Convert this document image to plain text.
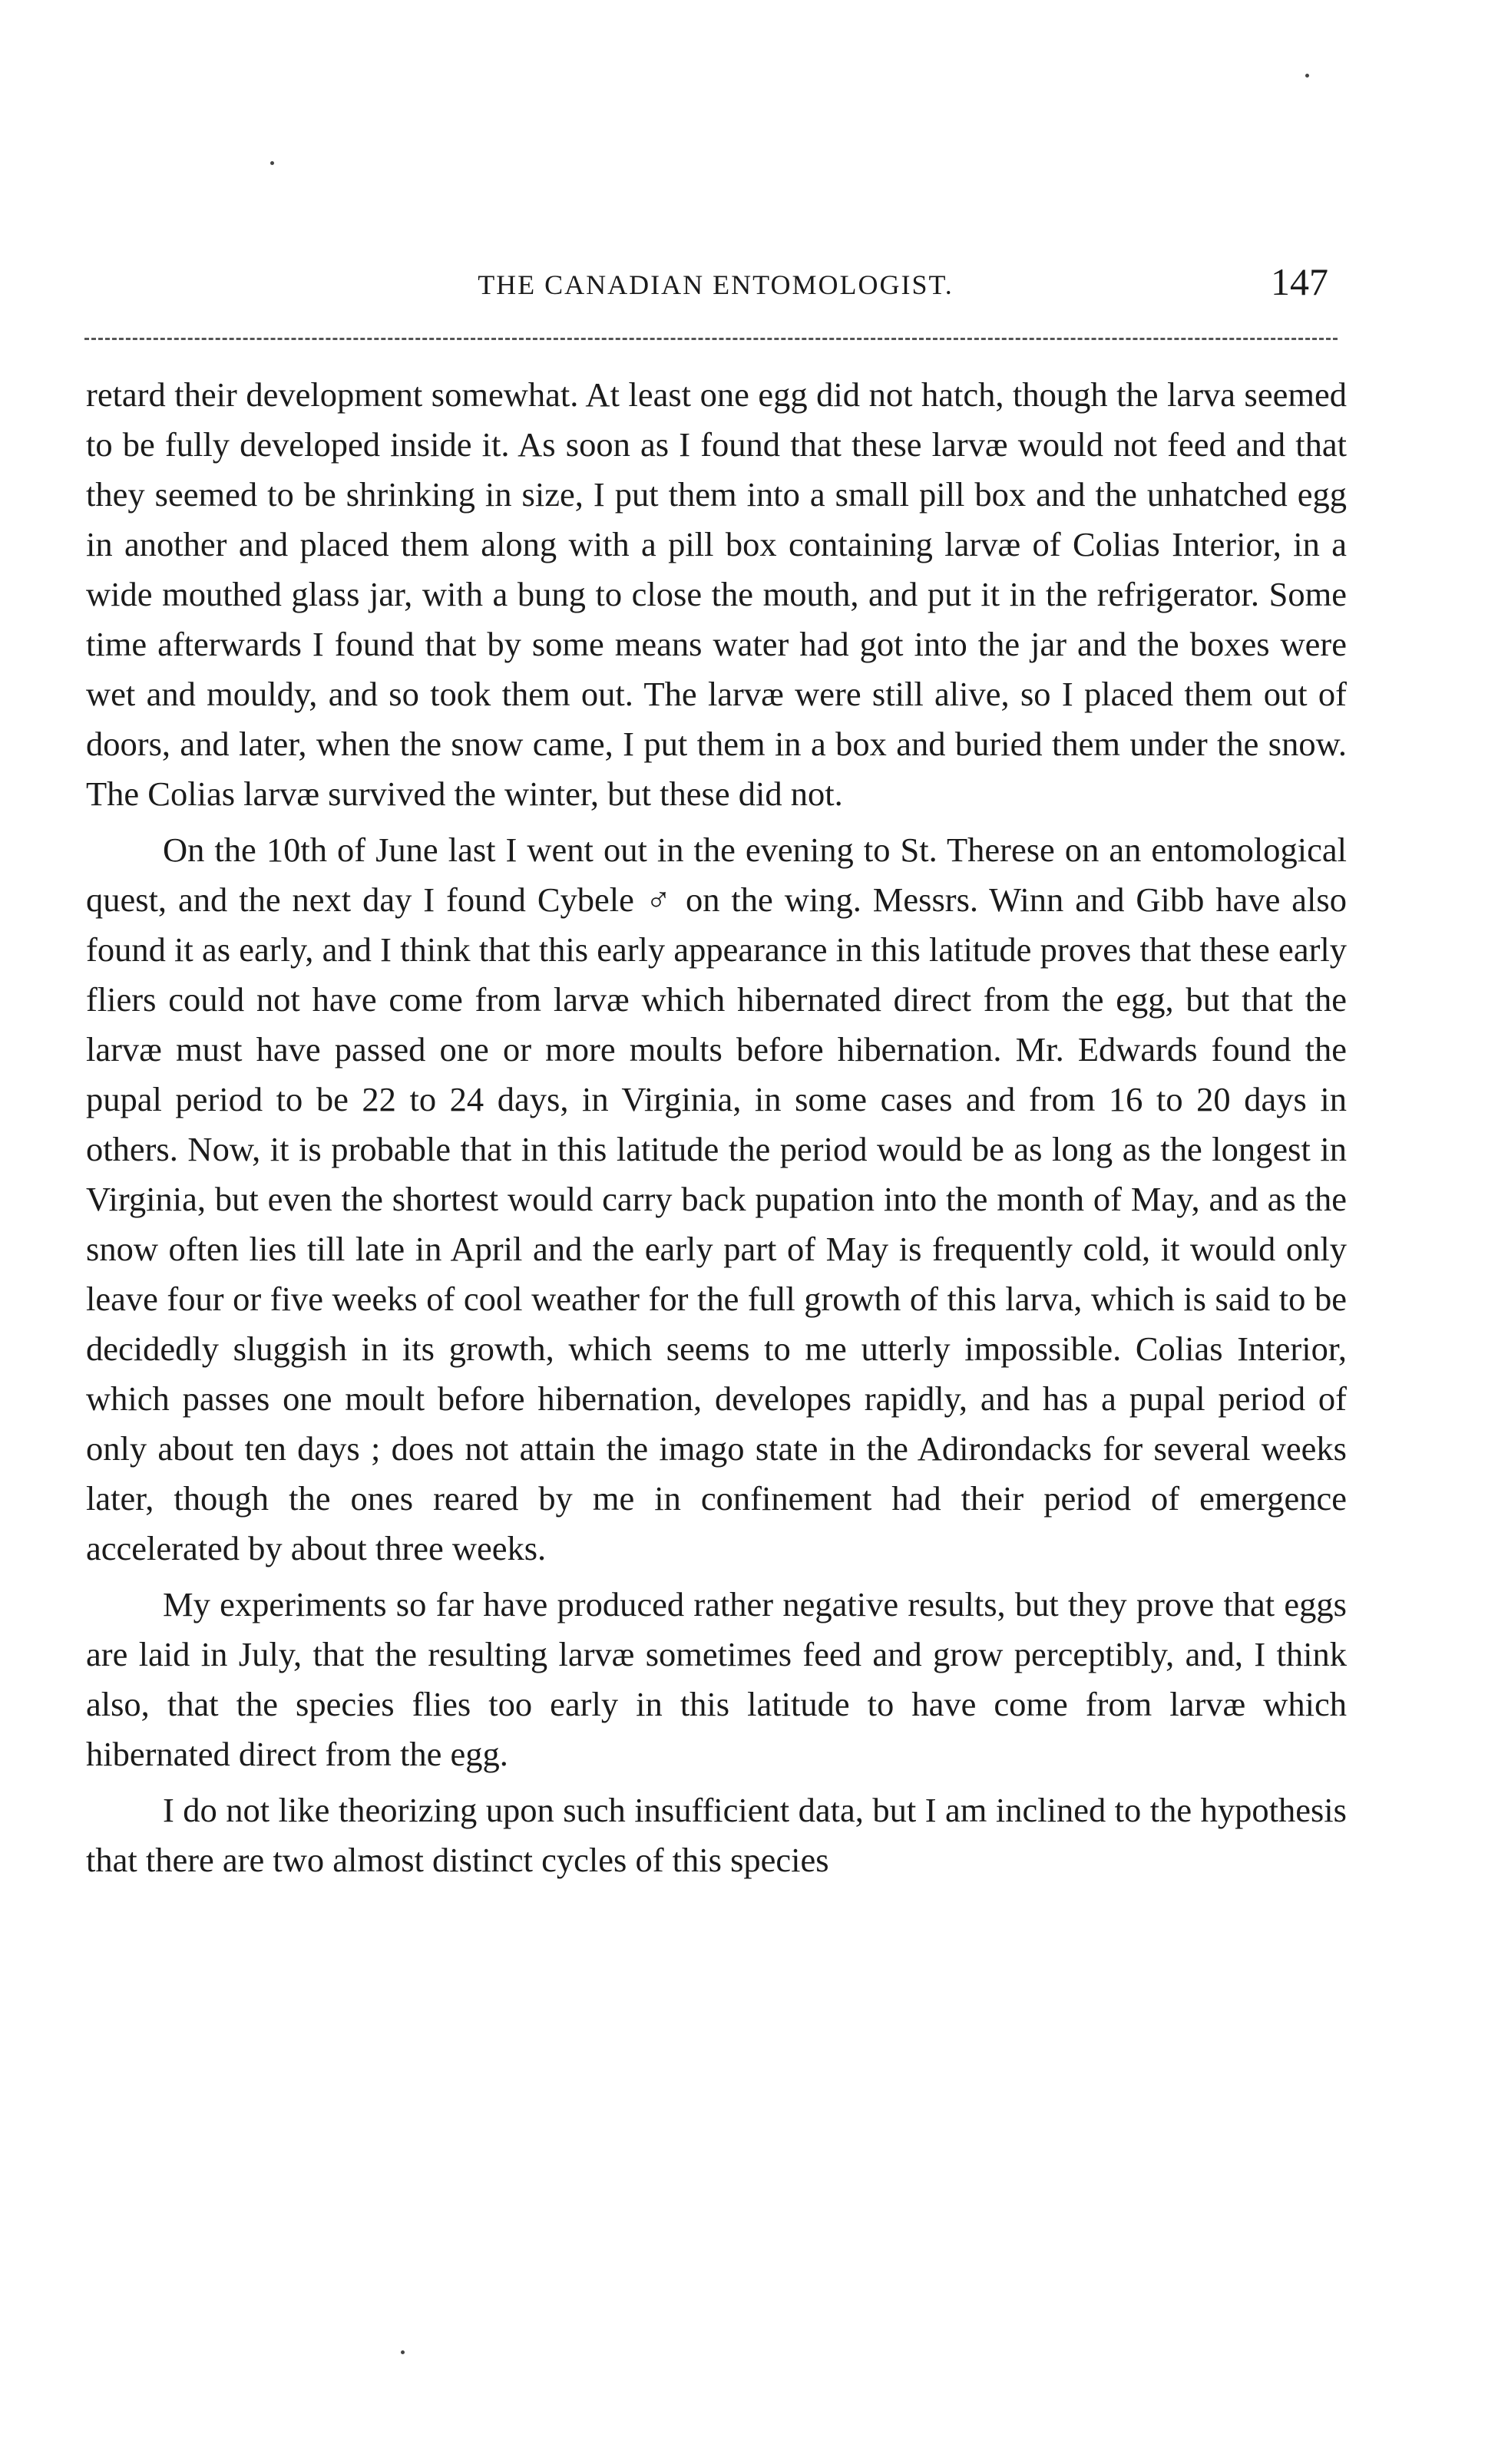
THE CANADIAN ENTOMOLOGIST.	147

retard their development somewhat. At least one egg did not hatch, though the larva seemed to be fully developed inside it. As soon as I found that these larvæ would not feed and that they seemed to be shrinking in size, I put them into a small pill box and the unhatched egg in another and placed them along with a pill box containing larvæ of Colias Interior, in a wide mouthed glass jar, with a bung to close the mouth, and put it in the refrigerator. Some time afterwards I found that by some means water had got into the jar and the boxes were wet and mouldy, and so took them out. The larvæ were still alive, so I placed them out of doors, and later, when the snow came, I put them in a box and buried them under the snow. The Colias larvæ survived the winter, but these did not.

On the 10th of June last I went out in the evening to St. Therese on an entomological quest, and the next day I found Cybele ♂ on the wing. Messrs. Winn and Gibb have also found it as early, and I think that this early appearance in this latitude proves that these early fliers could not have come from larvæ which hibernated direct from the egg, but that the larvæ must have passed one or more moults before hibernation. Mr. Edwards found the pupal period to be 22 to 24 days, in Virginia, in some cases and from 16 to 20 days in others. Now, it is probable that in this latitude the period would be as long as the longest in Virginia, but even the shortest would carry back pupation into the month of May, and as the snow often lies till late in April and the early part of May is frequently cold, it would only leave four or five weeks of cool weather for the full growth of this larva, which is said to be decidedly sluggish in its growth, which seems to me utterly impossible. Colias Interior, which passes one moult before hibernation, developes rapidly, and has a pupal period of only about ten days ; does not attain the imago state in the Adirondacks for several weeks later, though the ones reared by me in confinement had their period of emergence accelerated by about three weeks.

My experiments so far have produced rather negative results, but they prove that eggs are laid in July, that the resulting larvæ sometimes feed and grow perceptibly, and, I think also, that the species flies too early in this latitude to have come from larvæ which hibernated direct from the egg.

I do not like theorizing upon such insufficient data, but I am inclined to the hypothesis that there are two almost distinct cycles of this species
